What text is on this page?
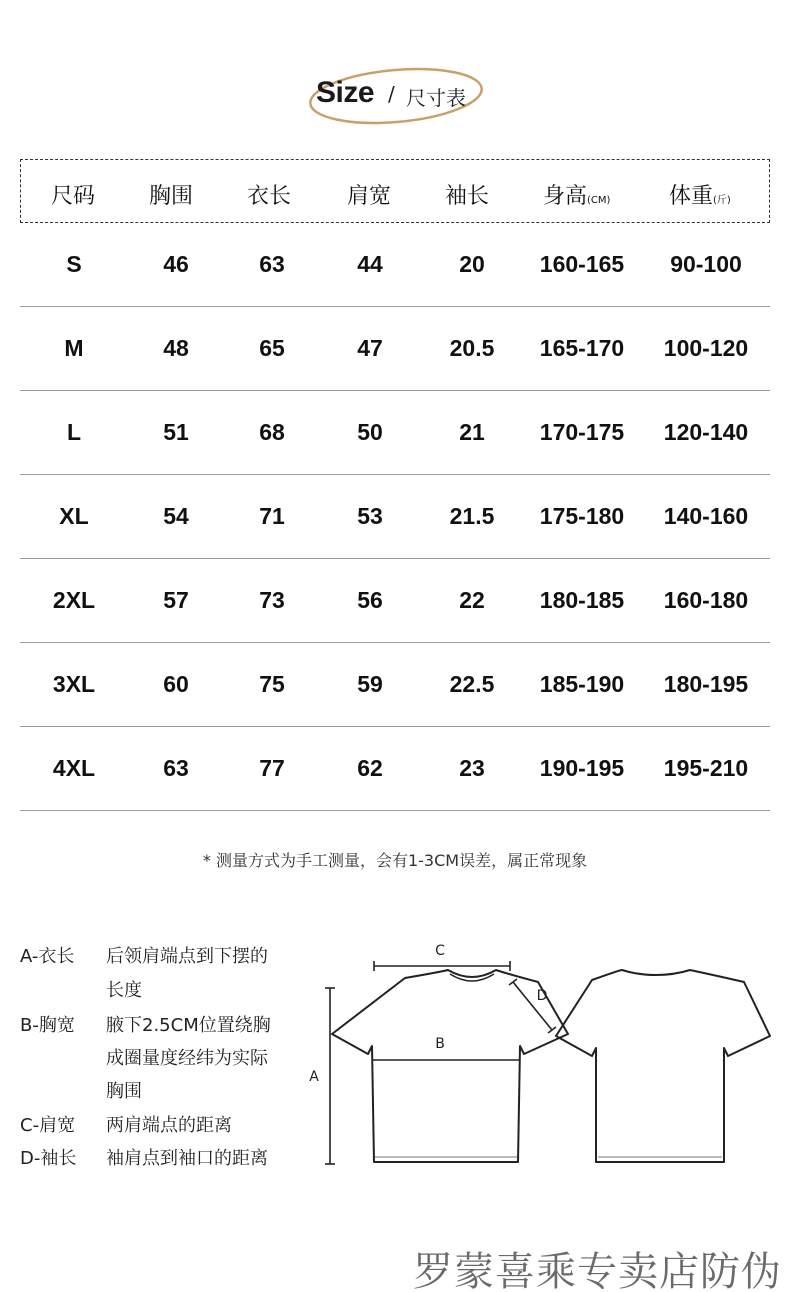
Size / 尺寸表
尺码 胸围 衣长	肩宽 袖长 身高(CM)	体重(斤)
S	46	63	44	20 160-165 90-100
M	48	65	47	20.5 165-170 100-120
L	51	68	50	21 170-175 120-140
XL	54	71	53	21.5 175-180 140-160
2XL	57	73	56	22 180-185 160-180
3XL	60	75	59	22.5 185-190 180-195
4XL	63	77	62	23 190-195 195-210
* 测量方式为手工测量，会有1-3CM误差，属正常现象
A-衣长 后领肩端点到下摆的
长度
B-胸宽 腋下2.5CM位置绕胸
成圈量度经纬为实际
胸围
C-肩宽 两肩端点的距离
D-袖长 袖肩点到袖口的距离
C
D
B
A
罗蒙喜乘专卖店防伪
